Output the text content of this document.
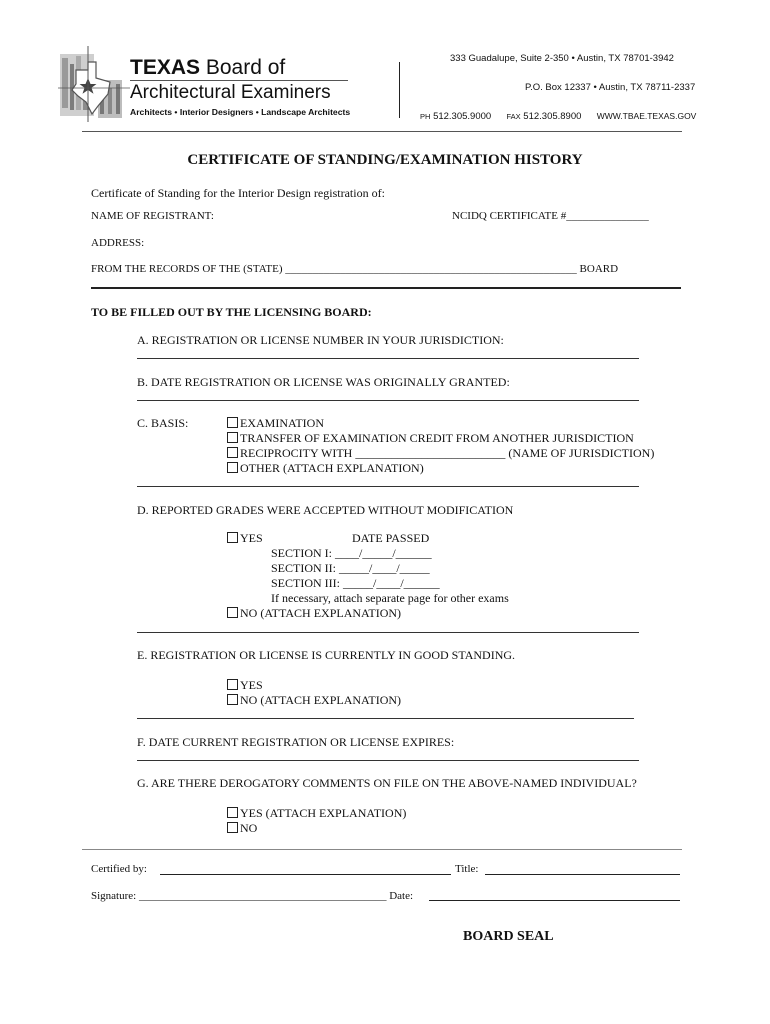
TEXAS Board of
Architectural Examiners
Architects • Interior Designers • Landscape Architects
333 Guadalupe, Suite 2-350 • Austin, TX 78701-3942
P.O. Box 12337 • Austin, TX 78711-2337
PH 512.305.9000 FAX 512.305.8900 WWW.TBAE.TEXAS.GOV
CERTIFICATE OF STANDING/EXAMINATION HISTORY
Certificate of Standing for the Interior Design registration of:
NAME OF REGISTRANT:	NCIDQ CERTIFICATE #_______________
ADDRESS:
FROM THE RECORDS OF THE (STATE) _____________________________________________________ BOARD
TO BE FILLED OUT BY THE LICENSING BOARD:
A. REGISTRATION OR LICENSE NUMBER IN YOUR JURISDICTION:
B. DATE REGISTRATION OR LICENSE WAS ORIGINALLY GRANTED:
C. BASIS:	EXAMINATION
TRANSFER OF EXAMINATION CREDIT FROM ANOTHER JURISDICTION
RECIPROCITY WITH _________________________ (NAME OF JURISDICTION)
OTHER (ATTACH EXPLANATION)
D. REPORTED GRADES WERE ACCEPTED WITHOUT MODIFICATION
YES	DATE PASSED
SECTION I: ____/_____/______
SECTION II: _____/____/_____
SECTION III: _____/____/______
If necessary, attach separate page for other exams
NO (ATTACH EXPLANATION)
E. REGISTRATION OR LICENSE IS CURRENTLY IN GOOD STANDING.
YES
NO (ATTACH EXPLANATION)
F. DATE CURRENT REGISTRATION OR LICENSE EXPIRES:
G. ARE THERE DEROGATORY COMMENTS ON FILE ON THE ABOVE-NAMED INDIVIDUAL?
YES (ATTACH EXPLANATION)
NO
Certified by:	Title:
Signature: _____________________________________________ Date:
BOARD SEAL
